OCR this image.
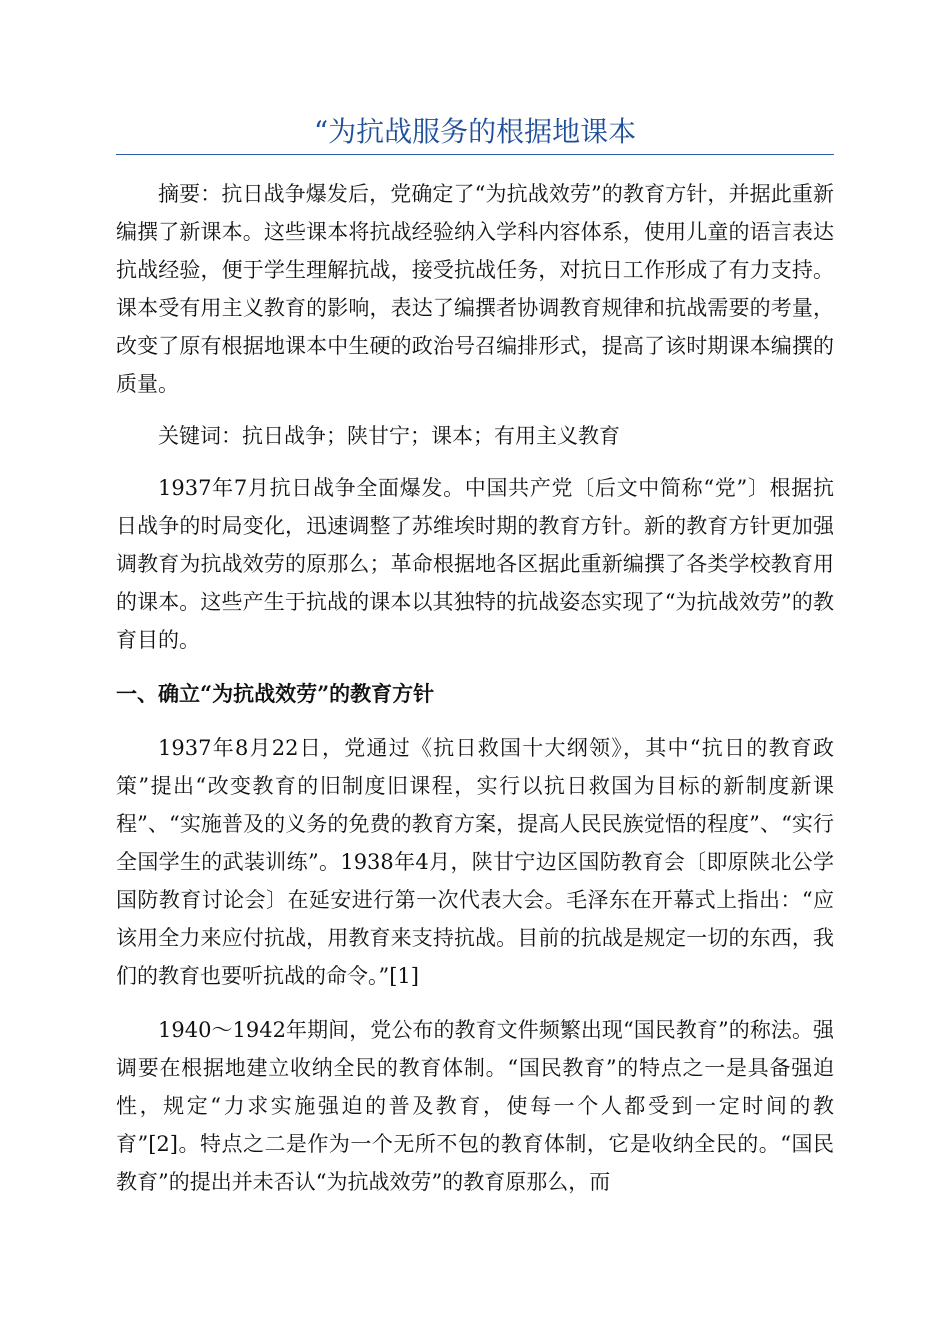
“为抗战服务的根据地课本

摘要：抗日战争爆发后，党确定了“为抗战效劳”的教育方针，并据此重新编撰了新课本。这些课本将抗战经验纳入学科内容体系，使用儿童的语言表达抗战经验，便于学生理解抗战，接受抗战任务，对抗日工作形成了有力支持。课本受有用主义教育的影响，表达了编撰者协调教育规律和抗战需要的考量，改变了原有根据地课本中生硬的政治号召编排形式，提高了该时期课本编撰的质量。

关键词：抗日战争；陕甘宁；课本；有用主义教育

1937年7月抗日战争全面爆发。中国共产党〔后文中简称“党”〕根据抗日战争的时局变化，迅速调整了苏维埃时期的教育方针。新的教育方针更加强调教育为抗战效劳的原那么；革命根据地各区据此重新编撰了各类学校教育用的课本。这些产生于抗战的课本以其独特的抗战姿态实现了“为抗战效劳”的教育目的。

一、确立“为抗战效劳”的教育方针

1937年8月22日，党通过《抗日救国十大纲领》，其中“抗日的教育政策”提出“改变教育的旧制度旧课程，实行以抗日救国为目标的新制度新课程”、“实施普及的义务的免费的教育方案，提高人民民族觉悟的程度”、“实行全国学生的武装训练”。1938年4月，陕甘宁边区国防教育会〔即原陕北公学国防教育讨论会〕在延安进行第一次代表大会。毛泽东在开幕式上指出：“应该用全力来应付抗战，用教育来支持抗战。目前的抗战是规定一切的东西，我们的教育也要听抗战的命令。”[1]

1940～1942年期间，党公布的教育文件频繁出现“国民教育”的称法。强调要在根据地建立收纳全民的教育体制。“国民教育”的特点之一是具备强迫性，规定“力求实施强迫的普及教育，使每一个人都受到一定时间的教育”[2]。特点之二是作为一个无所不包的教育体制，它是收纳全民的。“国民教育”的提出并未否认“为抗战效劳”的教育原那么，而
